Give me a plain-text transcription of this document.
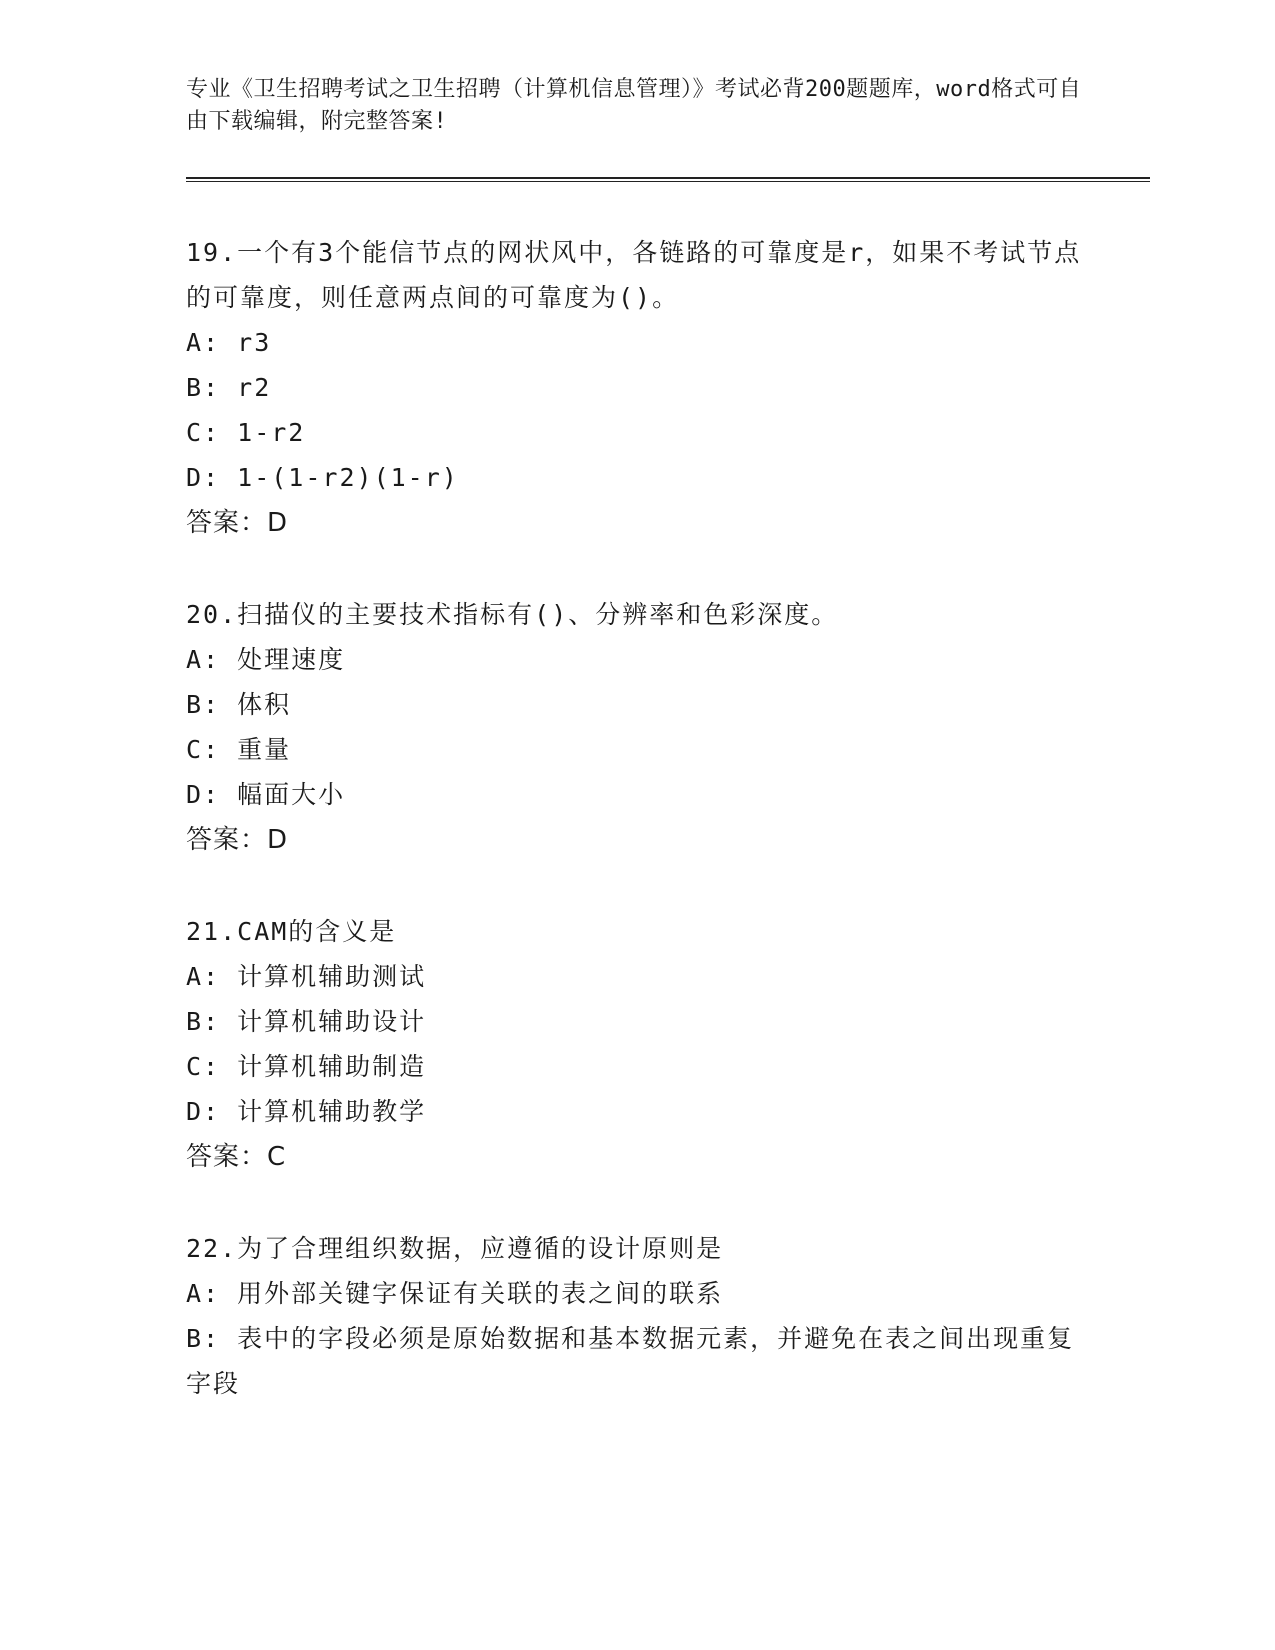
专业《卫生招聘考试之卫生招聘（计算机信息管理）》考试必背200题题库，word格式可自由下载编辑，附完整答案!
19.一个有3个能信节点的网状风中，各链路的可靠度是r，如果不考试节点的可靠度，则任意两点间的可靠度为()。
A: r3
B: r2
C: 1-r2
D: 1-(1-r2)(1-r)
答案：D
20.扫描仪的主要技术指标有()、分辨率和色彩深度。
A: 处理速度
B: 体积
C: 重量
D: 幅面大小
答案：D
21.CAM的含义是
A: 计算机辅助测试
B: 计算机辅助设计
C: 计算机辅助制造
D: 计算机辅助教学
答案：C
22.为了合理组织数据，应遵循的设计原则是
A: 用外部关键字保证有关联的表之间的联系
B: 表中的字段必须是原始数据和基本数据元素，并避免在表之间出现重复字段
